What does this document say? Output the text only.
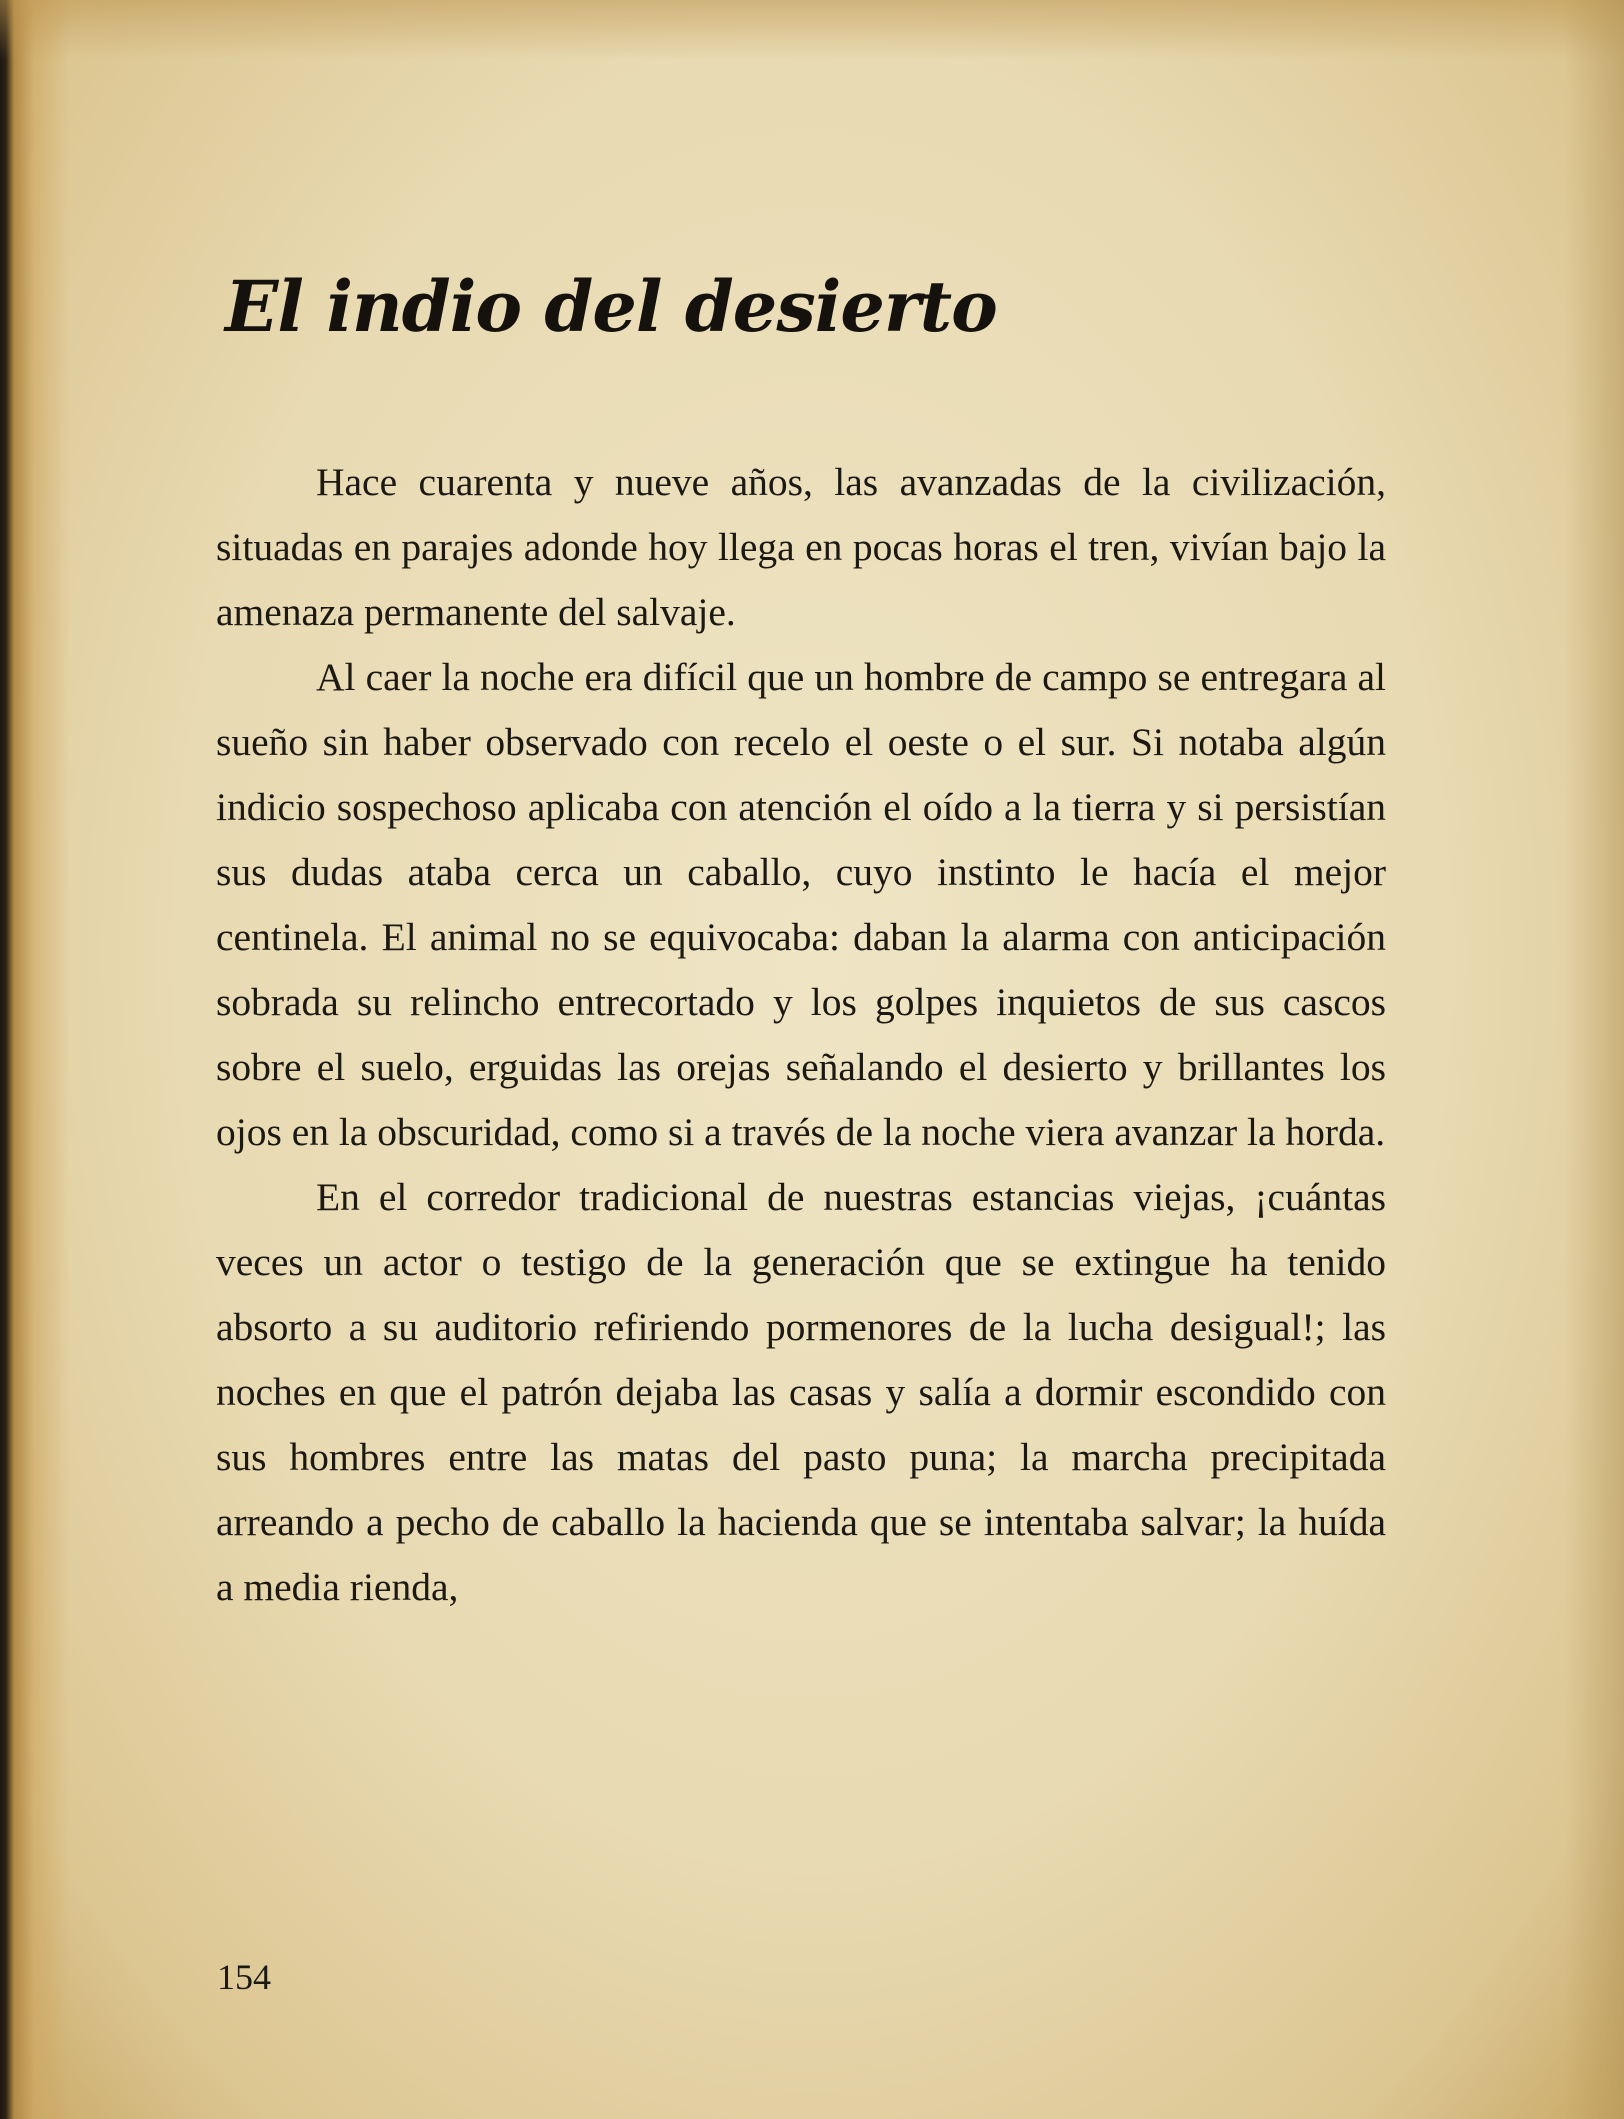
El indio del desierto

Hace cuarenta y nueve años, las avanzadas de la civilización, situadas en parajes adonde hoy llega en pocas horas el tren, vivían bajo la amenaza permanente del salvaje.

Al caer la noche era difícil que un hombre de campo se entregara al sueño sin haber observado con recelo el oeste o el sur. Si notaba algún indicio sospechoso aplicaba con atención el oído a la tierra y si persistían sus dudas ataba cerca un caballo, cuyo instinto le hacía el mejor centinela. El animal no se equivocaba: daban la alarma con anticipación sobrada su relincho entrecortado y los golpes inquietos de sus cascos sobre el suelo, erguidas las orejas señalando el desierto y brillantes los ojos en la obscuridad, como si a través de la noche viera avanzar la horda.

En el corredor tradicional de nuestras estancias viejas, ¡cuántas veces un actor o testigo de la generación que se extingue ha tenido absorto a su auditorio refiriendo pormenores de la lucha desigual!; las noches en que el patrón dejaba las casas y salía a dormir escondido con sus hombres entre las matas del pasto puna; la marcha precipitada arreando a pecho de caballo la hacienda que se intentaba salvar; la huída a media rienda,

154
